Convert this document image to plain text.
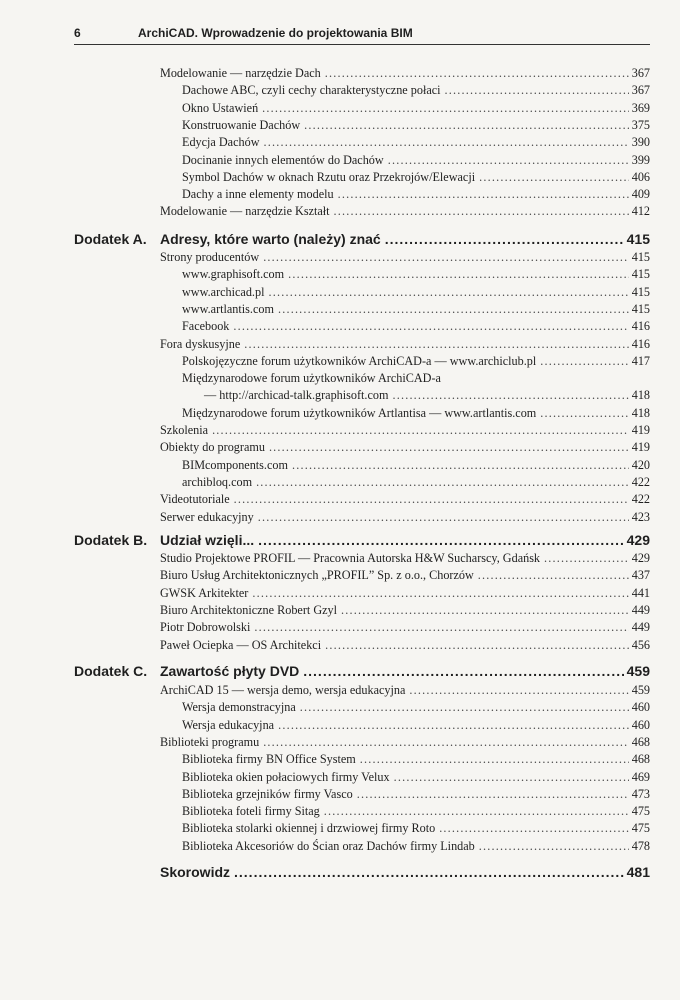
6	ArchiCAD. Wprowadzenie do projektowania BIM
Modelowanie — narzędzie Dach .....	367
Dachowe ABC, czyli cechy charakterystyczne połaci .....	367
Okno Ustawień .....	369
Konstruowanie Dachów .....	375
Edycja Dachów .....	390
Docinanie innych elementów do Dachów .....	399
Symbol Dachów w oknach Rzutu oraz Przekrojów/Elewacji .....	406
Dachy a inne elementy modelu .....	409
Modelowanie — narzędzie Kształt .....	412
Dodatek A. Adresy, które warto (należy) znać .....	415
Strony producentów .....	415
www.graphisoft.com .....	415
www.archicad.pl .....	415
www.artlantis.com .....	415
Facebook .....	416
Fora dyskusyjne .....	416
Polskojęzyczne forum użytkowników ArchiCAD-a — www.archiclub.pl .....	417
Międzynarodowe forum użytkowników ArchiCAD-a
— http://archicad-talk.graphisoft.com .....	418
Międzynarodowe forum użytkowników Artlantisa — www.artlantis.com .....	418
Szkolenia .....	419
Obiekty do programu .....	419
BIMcomponents.com .....	420
archibloq.com .....	422
Videotutoriale .....	422
Serwer edukacyjny .....	423
Dodatek B. Udział wzięli... .....	429
Studio Projektowe PROFIL — Pracownia Autorska H&W Sucharscy, Gdańsk .....	429
Biuro Usług Architektonicznych „PROFIL” Sp. z o.o., Chorzów .....	437
GWSK Arkitekter .....	441
Biuro Architektoniczne Robert Gzyl .....	449
Piotr Dobrowolski .....	449
Paweł Ociepka — OS Architekci .....	456
Dodatek C. Zawartość płyty DVD .....	459
ArchiCAD 15 — wersja demo, wersja edukacyjna .....	459
Wersja demonstracyjna .....	460
Wersja edukacyjna .....	460
Biblioteki programu .....	468
Biblioteka firmy BN Office System .....	468
Biblioteka okien połaciowych firmy Velux .....	469
Biblioteka grzejników firmy Vasco .....	473
Biblioteka foteli firmy Sitag .....	475
Biblioteka stolarki okiennej i drzwiowej firmy Roto .....	475
Biblioteka Akcesoriów do Ścian oraz Dachów firmy Lindab .....	478
Skorowidz .....	481
